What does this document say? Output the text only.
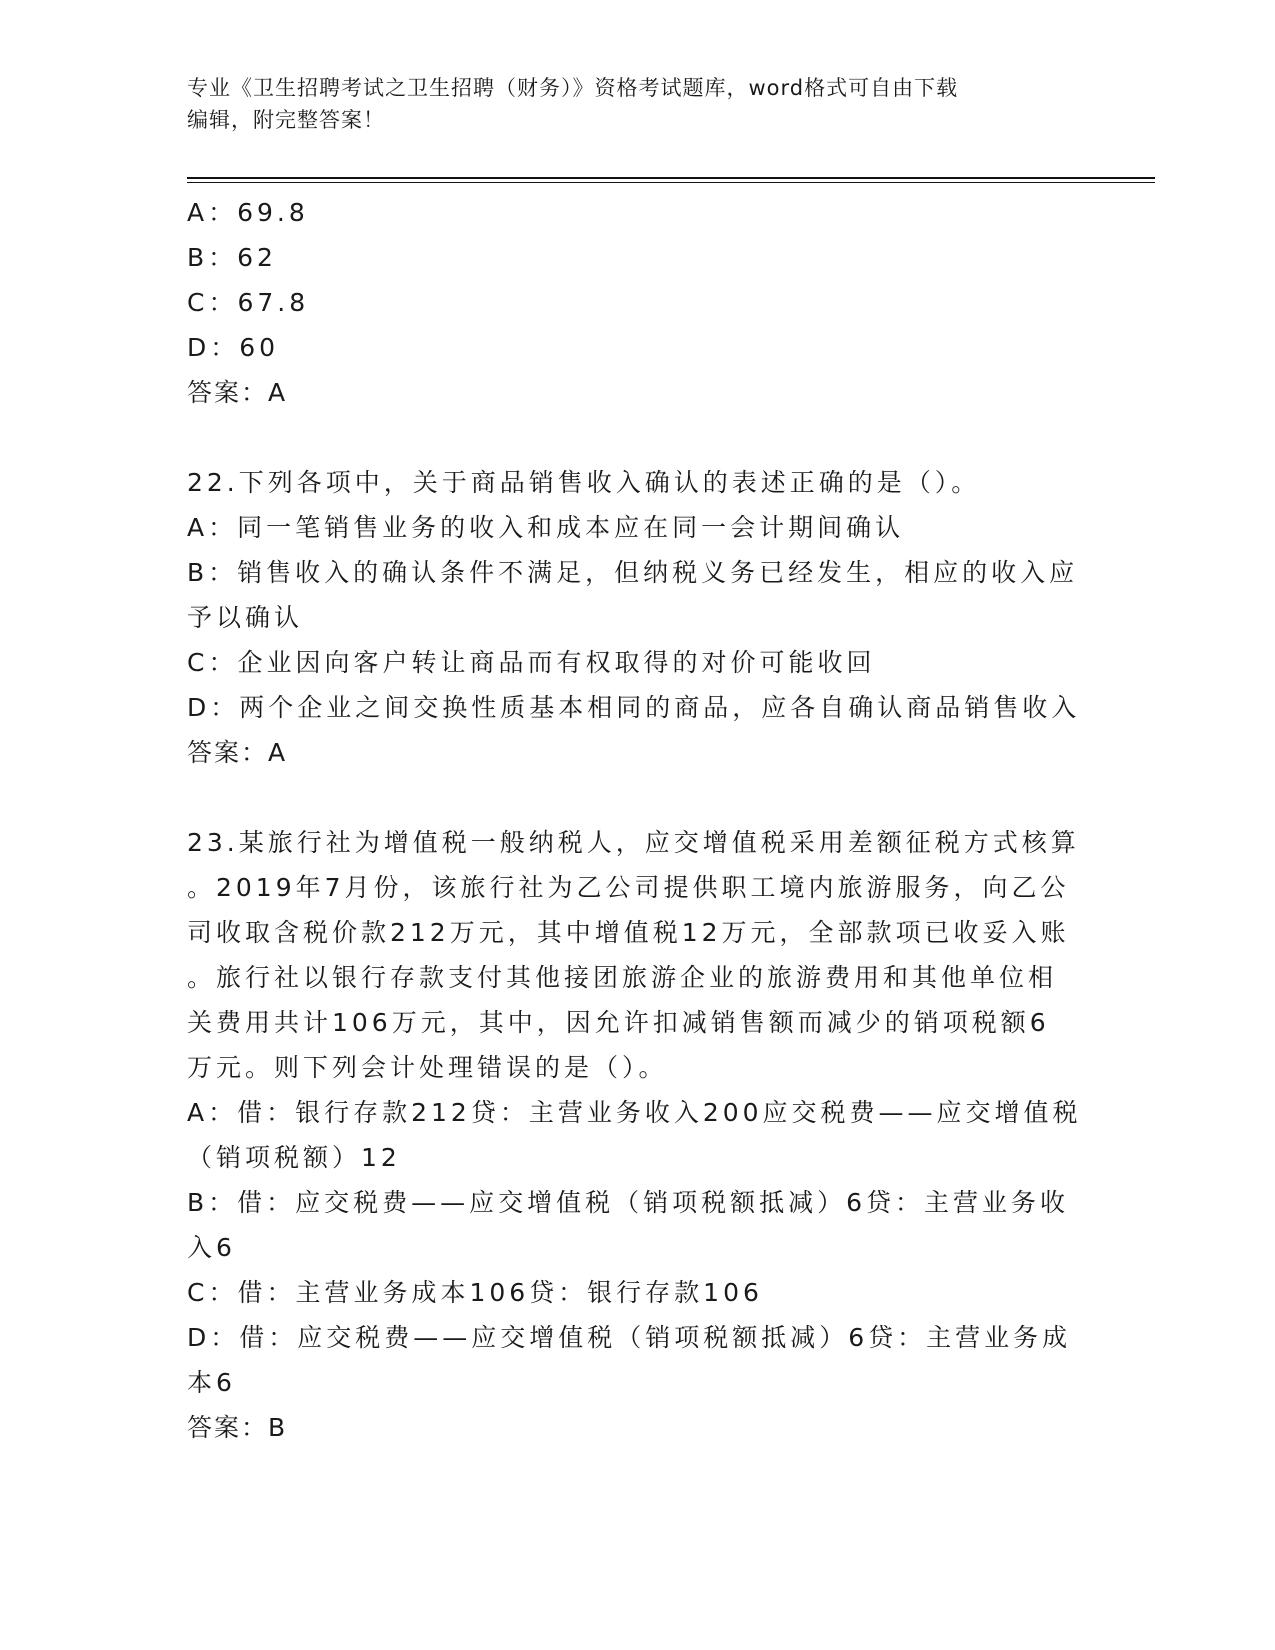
专业《卫生招聘考试之卫生招聘（财务）》资格考试题库，word格式可自由下载
编辑，附完整答案！
A：69.8
B：62
C：67.8
D：60
答案：A
22.下列各项中，关于商品销售收入确认的表述正确的是（）。
A：同一笔销售业务的收入和成本应在同一会计期间确认
B：销售收入的确认条件不满足，但纳税义务已经发生，相应的收入应
予以确认
C：企业因向客户转让商品而有权取得的对价可能收回
D：两个企业之间交换性质基本相同的商品，应各自确认商品销售收入
答案：A
23.某旅行社为增值税一般纳税人，应交增值税采用差额征税方式核算
。2019年7月份，该旅行社为乙公司提供职工境内旅游服务，向乙公
司收取含税价款212万元，其中增值税12万元，全部款项已收妥入账
。旅行社以银行存款支付其他接团旅游企业的旅游费用和其他单位相
关费用共计106万元，其中，因允许扣减销售额而减少的销项税额6
万元。则下列会计处理错误的是（）。
A：借：银行存款212贷：主营业务收入200应交税费——应交增值税
（销项税额）12
B：借：应交税费——应交增值税（销项税额抵减）6贷：主营业务收
入6
C：借：主营业务成本106贷：银行存款106
D：借：应交税费——应交增值税（销项税额抵减）6贷：主营业务成
本6
答案：B
